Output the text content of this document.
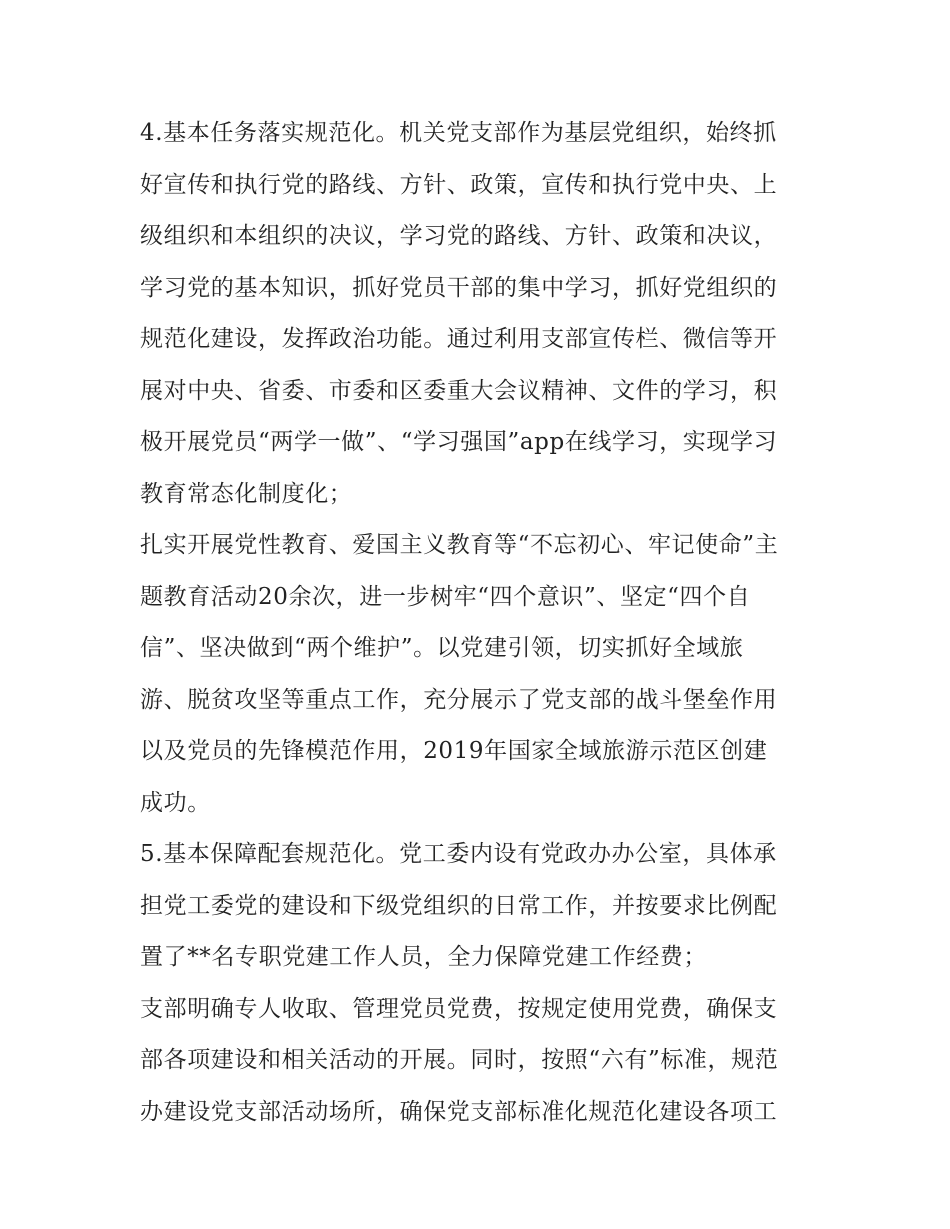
4.基本任务落实规范化。机关党支部作为基层党组织，始终抓
好宣传和执行党的路线、方针、政策，宣传和执行党中央、上
级组织和本组织的决议，学习党的路线、方针、政策和决议，
学习党的基本知识，抓好党员干部的集中学习，抓好党组织的
规范化建设，发挥政治功能。通过利用支部宣传栏、微信等开
展对中央、省委、市委和区委重大会议精神、文件的学习，积
极开展党员“两学一做”、“学习强国”app在线学习，实现学习
教育常态化制度化；
扎实开展党性教育、爱国主义教育等“不忘初心、牢记使命”主
题教育活动20余次，进一步树牢“四个意识”、坚定“四个自
信”、坚决做到“两个维护”。以党建引领，切实抓好全域旅
游、脱贫攻坚等重点工作，充分展示了党支部的战斗堡垒作用
以及党员的先锋模范作用，2019年国家全域旅游示范区创建
成功。
5.基本保障配套规范化。党工委内设有党政办办公室，具体承
担党工委党的建设和下级党组织的日常工作，并按要求比例配
置了**名专职党建工作人员，全力保障党建工作经费；
支部明确专人收取、管理党员党费，按规定使用党费，确保支
部各项建设和相关活动的开展。同时，按照“六有”标准，规范
办建设党支部活动场所，确保党支部标准化规范化建设各项工
